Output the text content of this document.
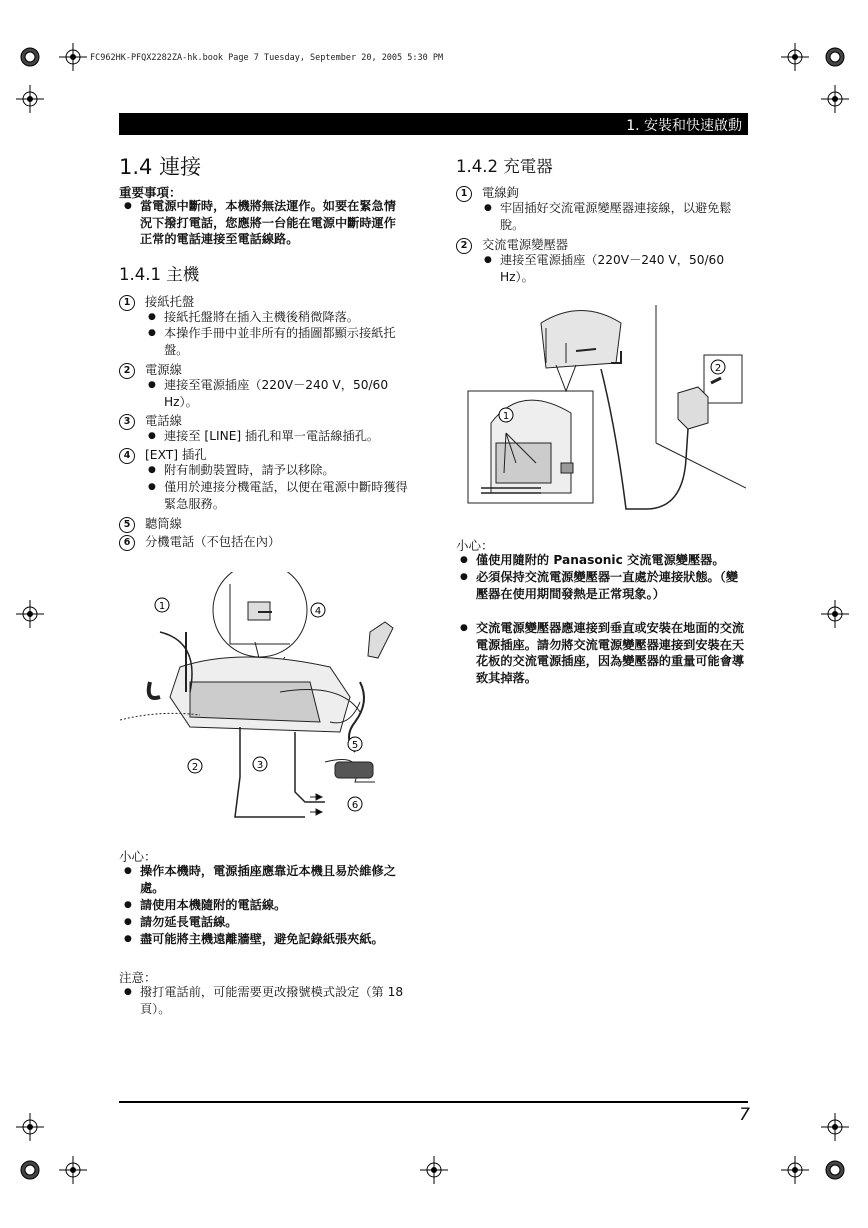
FC962HK-PFQX2282ZA-hk.book Page 7 Tuesday, September 20, 2005 5:30 PM
1. 安裝和快速啟動
1.4 連接
重要事項：
● 當電源中斷時，本機將無法運作。如要在緊急情況下撥打電話，您應將一台能在電源中斷時運作正常的電話連接至電話線路。
1.4.1 主機
1 接紙托盤
● 接紙托盤將在插入主機後稍微降落。
● 本操作手冊中並非所有的插圖都顯示接紙托盤。
2 電源線
● 連接至電源插座（220V－240 V，50/60 Hz）。
3 電話線
● 連接至 [LINE] 插孔和單一電話線插孔。
4 [EXT] 插孔
● 附有制動裝置時，請予以移除。
● 僅用於連接分機電話，以便在電源中斷時獲得緊急服務。
5 聽筒線
6 分機電話（不包括在內）
1	4
5
2	3
6
小心：
● 操作本機時，電源插座應靠近本機且易於維修之處。
● 請使用本機隨附的電話線。
● 請勿延長電話線。
● 盡可能將主機遠離牆壁，避免記錄紙張夾紙。
注意：
● 撥打電話前，可能需要更改撥號模式設定（第 18 頁）。
1.4.2 充電器
1 電線鉤
● 牢固插好交流電源變壓器連接線，以避免鬆脫。
2 交流電源變壓器
● 連接至電源插座（220V－240 V，50/60 Hz）。
1
2
小心：
● 僅使用隨附的 Panasonic 交流電源變壓器。
● 必須保持交流電源變壓器一直處於連接狀態。（變壓器在使用期間發熱是正常現象。）
● 交流電源變壓器應連接到垂直或安裝在地面的交流電源插座。請勿將交流電源變壓器連接到安裝在天花板的交流電源插座，因為變壓器的重量可能會導致其掉落。
7
